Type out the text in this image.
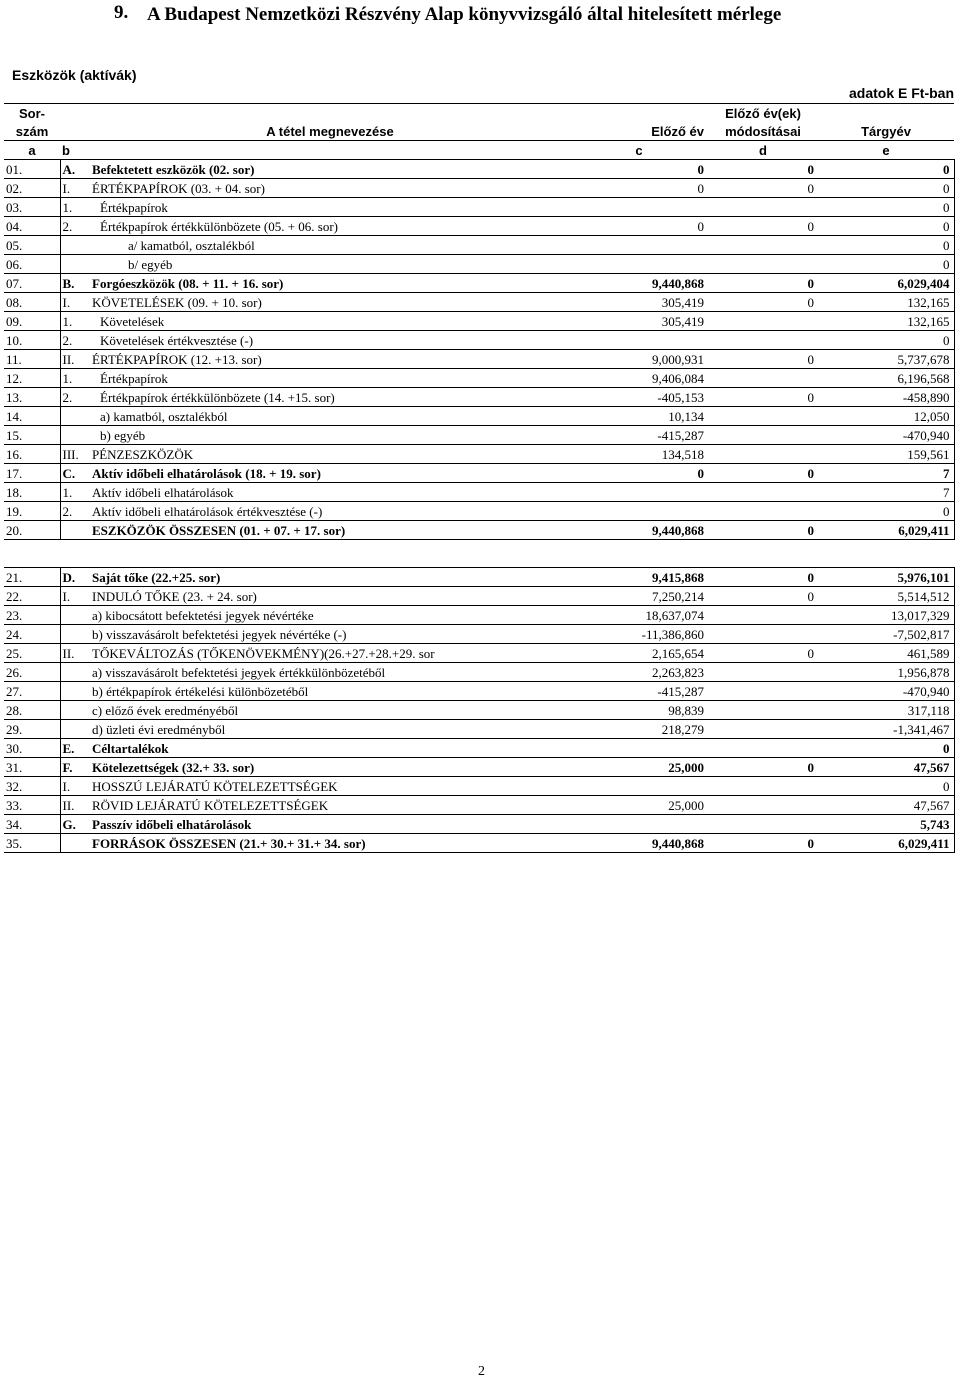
9. A Budapest Nemzetközi Részvény Alap könyvvizsgáló által hitelesített mérlege
Eszközök (aktívák)
adatok E Ft-ban
Sor-				Előző év(ek)	
szám		A tétel megnevezése	Előző év	módosításai	Tárgyév
a	b		c	d	e
01.	A.	Befektetett eszközök (02. sor)	0	0	0
02.	I.	ÉRTÉKPAPÍROK (03. + 04. sor)	0	0	0
03.	1.	Értékpapírok			0
04.	2.	Értékpapírok értékkülönbözete (05. + 06. sor)	0	0	0
05.		a/ kamatból, osztalékból			0
06.		b/ egyéb			0
07.	B.	Forgóeszközök (08. + 11. + 16. sor)	9,440,868	0	6,029,404
08.	I.	KÖVETELÉSEK (09. + 10. sor)	305,419	0	132,165
09.	1.	Követelések	305,419		132,165
10.	2.	Követelések értékvesztése (-)			0
11.	II.	ÉRTÉKPAPÍROK (12. +13. sor)	9,000,931	0	5,737,678
12.	1.	Értékpapírok	9,406,084		6,196,568
13.	2.	Értékpapírok értékkülönbözete (14. +15. sor)	-405,153	0	-458,890
14.		a) kamatból, osztalékból	10,134		12,050
15.		b) egyéb	-415,287		-470,940
16.	III.	PÉNZESZKÖZÖK	134,518		159,561
17.	C.	Aktív időbeli elhatárolások (18. + 19. sor)	0	0	7
18.	1.	Aktív időbeli elhatárolások			7
19.	2.	Aktív időbeli elhatárolások értékvesztése (-)			0
20.		ESZKÖZÖK ÖSSZESEN (01. + 07. + 17. sor)	9,440,868	0	6,029,411
21.	D.	Saját tőke (22.+25. sor)	9,415,868	0	5,976,101
22.	I.	INDULÓ TŐKE (23. + 24. sor)	7,250,214	0	5,514,512
23.		a) kibocsátott befektetési jegyek névértéke	18,637,074		13,017,329
24.		b) visszavásárolt befektetési jegyek névértéke (-)	-11,386,860		-7,502,817
25.	II.	TŐKEVÁLTOZÁS (TŐKENÖVEKMÉNY)(26.+27.+28.+29. sor	2,165,654	0	461,589
26.		a) visszavásárolt befektetési jegyek értékkülönbözetéből	2,263,823		1,956,878
27.		b) értékpapírok értékelési különbözetéből	-415,287		-470,940
28.		c) előző évek eredményéből	98,839		317,118
29.		d) üzleti évi eredményből	218,279		-1,341,467
30.	E.	Céltartalékok			0
31.	F.	Kötelezettségek (32.+ 33. sor)	25,000	0	47,567
32.	I.	HOSSZÚ LEJÁRATÚ KÖTELEZETTSÉGEK			0
33.	II.	RÖVID LEJÁRATÚ KÖTELEZETTSÉGEK	25,000		47,567
34.	G.	Passzív időbeli elhatárolások			5,743
35.		FORRÁSOK ÖSSZESEN (21.+ 30.+ 31.+ 34. sor)	9,440,868	0	6,029,411
2
